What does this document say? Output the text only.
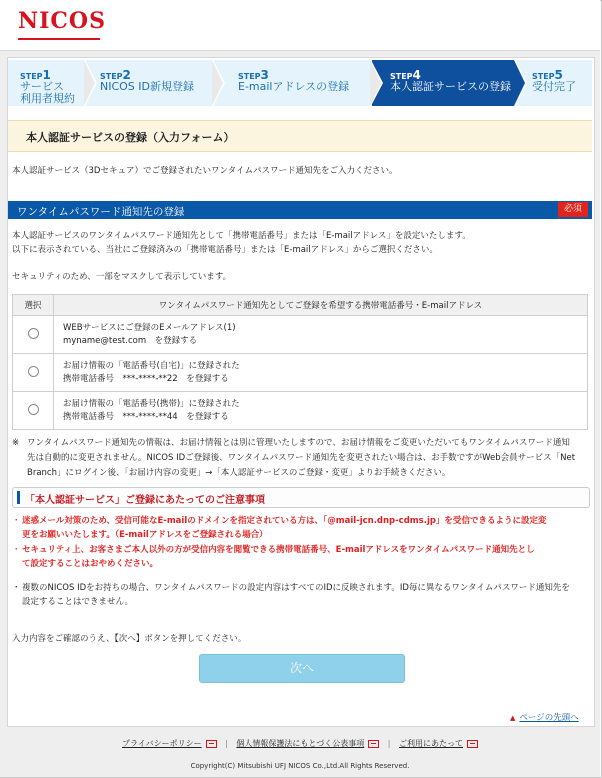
NICOS
STEP1
サービス
利用者規約
STEP2
NICOS ID新規登録
STEP3
E-mailアドレスの登録
STEP4
本人認証サービスの登録
STEP5
受付完了
本人認証サービスの登録（入力フォーム）
本人認証サービス（3Dセキュア）でご登録されたいワンタイムパスワード通知先をご入力ください。
ワンタイムパスワード通知先の登録	必須
本人認証サービスのワンタイムパスワード通知先として「携帯電話番号」または「E-mailアドレス」を設定いたします。
以下に表示されている、当社にご登録済みの「携帯電話番号」または「E-mailアドレス」からご選択ください。
セキュリティのため、一部をマスクして表示しています。
選択	ワンタイムパスワード通知先としてご登録を希望する携帯電話番号・E-mailアドレス

	WEBサービスにご登録のEメールアドレス(1)
myname@test.com　を登録する

	お届け情報の「電話番号(自宅)」に登録された
携帯電話番号　***-****-**22　を登録する

	お届け情報の「電話番号(携帯)」に登録された
携帯電話番号　***-****-**44　を登録する
※ ワンタイムパスワード通知先の情報は、お届け情報とは別に管理いたしますので、お届け情報をご変更いただいてもワンタイムパスワード通知
先は自動的に変更されません。NICOS IDご登録後、ワンタイムパスワード通知先を変更されたい場合は、お手数ですがWeb会員サービス「Net
Branch」にログイン後、「お届け内容の変更」→「本人認証サービスのご登録・変更」よりお手続きください。
「本人認証サービス」ご登録にあたってのご注意事項
・ 迷惑メール対策のため、受信可能なE-mailのドメインを指定されている方は、「@mail-jcn.dnp-cdms.jp」を受信できるように設定変
更をお願いいたします。（E-mailアドレスをご登録される場合）
・ セキュリティ上、お客さまご本人以外の方が受信内容を閲覧できる携帯電話番号、E-mailアドレスをワンタイムパスワード通知先とし
て設定することはおやめください。
・ 複数のNICOS IDをお持ちの場合、ワンタイムパスワードの設定内容はすべてのIDに反映されます。ID毎に異なるワンタイムパスワード通知先を
設定することはできません。
入力内容をご確認のうえ、【次へ】ボタンを押してください。
次へ
▲ ページの先頭へ
プライバシーポリシー	| 個人情報保護法にもとづく公表事項	| ご利用にあたって
Copyright(C) Mitsubishi UFJ NICOS Co.,Ltd.All Rights Reserved.
